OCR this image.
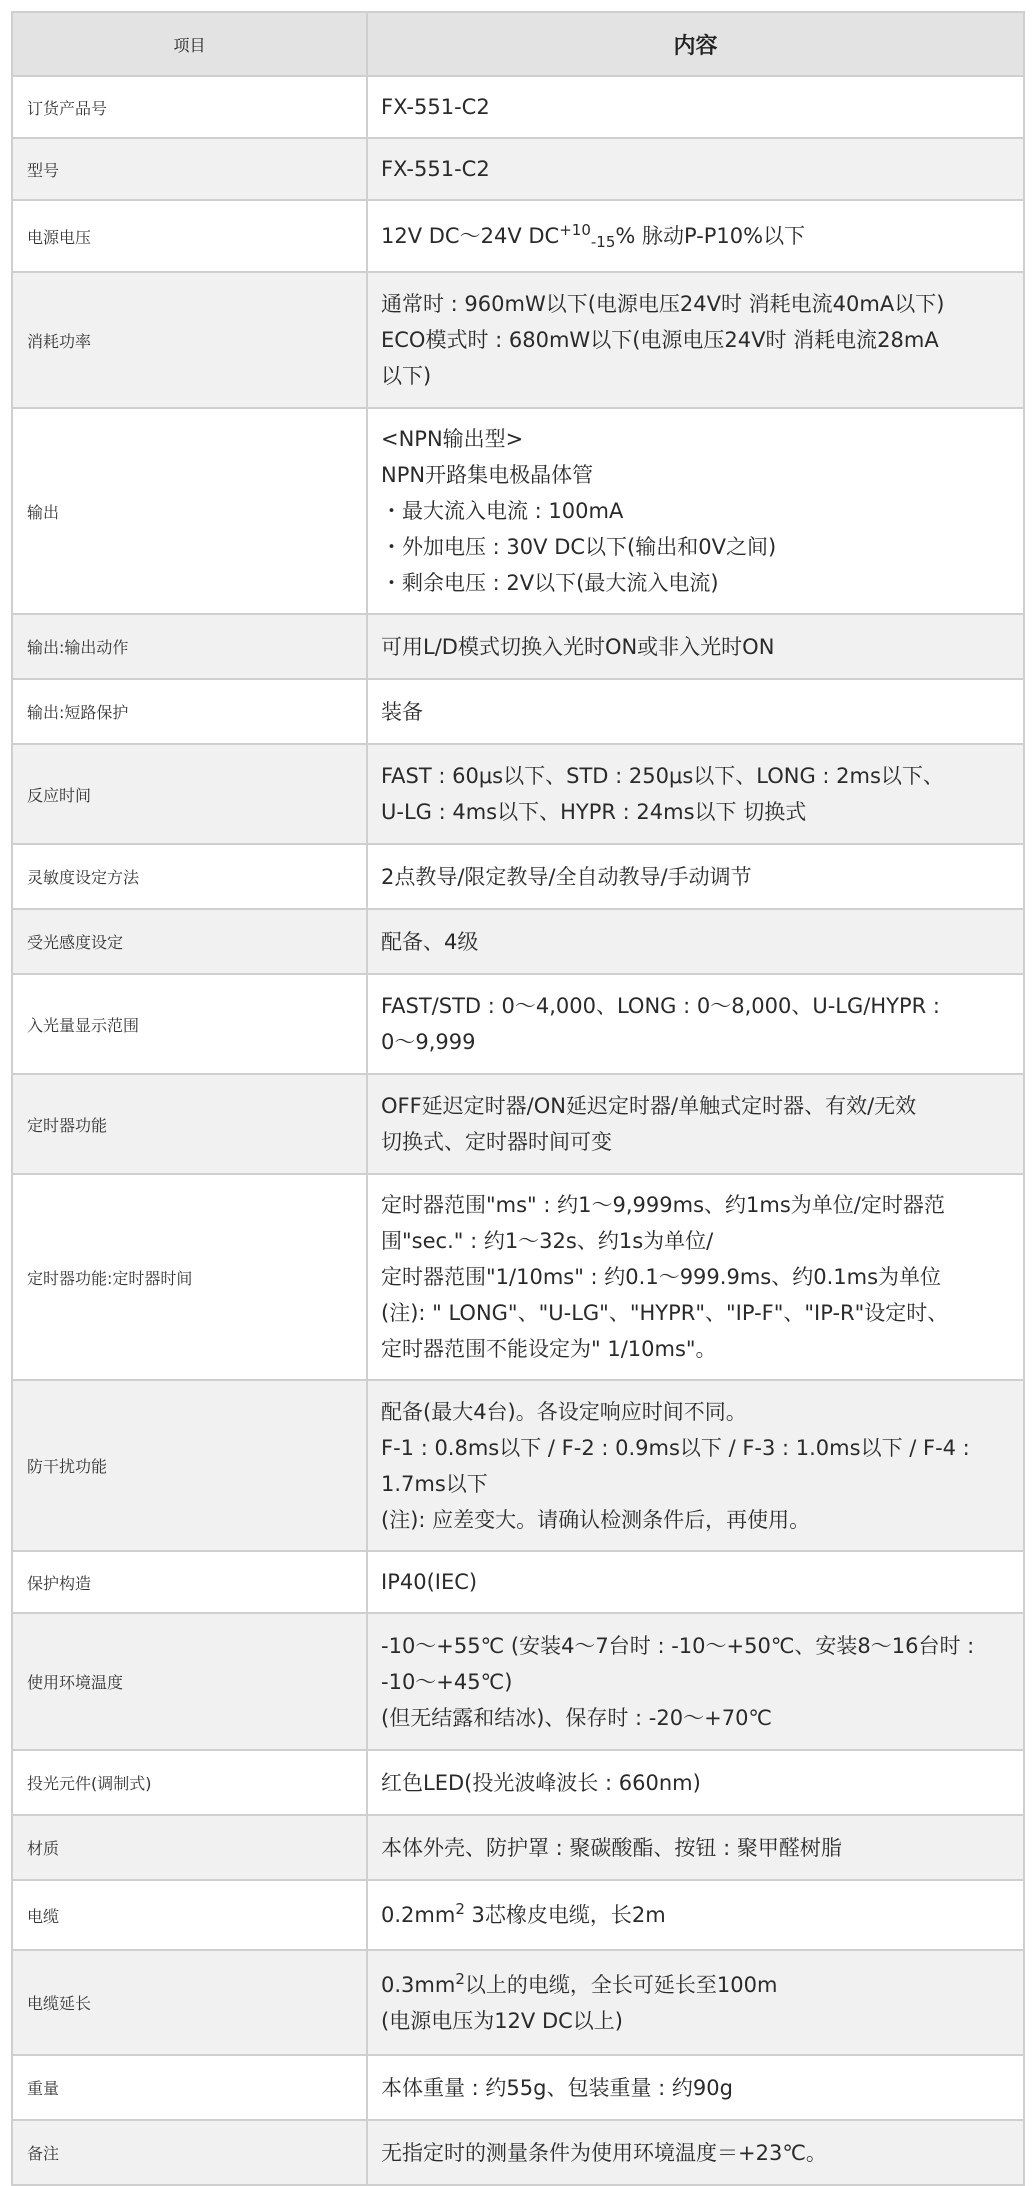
项目	内容
订货产品号	FX-551-C2

型号	FX-551-C2

电源电压	12V DC～24V $DC^{+10}_{-15}\%$ 脉动P-P10%以下

消耗功率	通常时 : 960mW以下(电源电压24V时 消耗电流40mA以下)
ECO模式时 : 680mW以下(电源电压24V时 消耗电流28mA
以下)

输出	<NPN输出型>
NPN开路集电极晶体管
・最大流入电流 : 100mA
・外加电压 : 30V DC以下(输出和0V之间)
・剩余电压 : 2V以下(最大流入电流)

输出:输出动作	可用L/D模式切换入光时ON或非入光时ON

输出:短路保护	装备

反应时间	FAST : 60μs以下、STD : 250μs以下、LONG : 2ms以下、
U-LG : 4ms以下、HYPR : 24ms以下 切换式

灵敏度设定方法	2点教导/限定教导/全自动教导/手动调节

受光感度设定	配备、4级

入光量显示范围	FAST/STD : 0～4,000、LONG : 0～8,000、U-LG/HYPR :
0～9,999

定时器功能	OFF延迟定时器/ON延迟定时器/单触式定时器、有效/无效
切换式、定时器时间可变

定时器功能:定时器时间	定时器范围"ms" : 约1～9,999ms、约1ms为单位/定时器范
围"sec." : 约1～32s、约1s为单位/
定时器范围"1/10ms" : 约0.1～999.9ms、约0.1ms为单位
(注): " LONG"、"U-LG"、"HYPR"、"IP-F"、"IP-R"设定时、
定时器范围不能设定为" 1/10ms"。

防干扰功能	配备(最大4台)。各设定响应时间不同。
F-1 : 0.8ms以下 / F-2 : 0.9ms以下 / F-3 : 1.0ms以下 / F-4 :
1.7ms以下
(注): 应差变大。请确认检测条件后，再使用。

保护构造	IP40(IEC)

使用环境温度	-10～+55℃ (安装4～7台时 : -10～+50℃、安装8～16台时 :
-10～+45℃)
(但无结露和结冰)、保存时 : -20～+70℃

投光元件(调制式)	红色LED(投光波峰波长 : 660nm)

材质	本体外壳、防护罩 : 聚碳酸酯、按钮 : 聚甲醛树脂

电缆	$0.2mm^2$ 3芯橡皮电缆，长2m

电缆延长	$0.3mm^2$以上的电缆，全长可延长至100m
(电源电压为12V DC以上)

重量	本体重量 : 约55g、包装重量 : 约90g

备注	无指定时的测量条件为使用环境温度＝+23℃。
